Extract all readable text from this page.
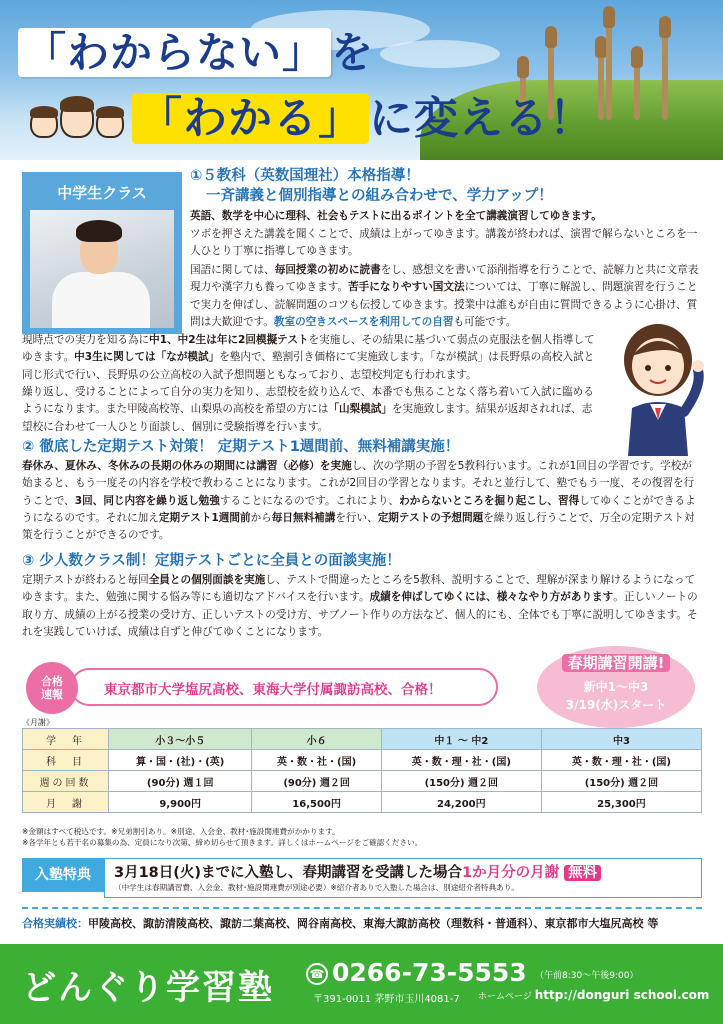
「わからない」 を
「わかる」 に変える！
中学生クラス
①５教科（英数国理社）本格指導！
一斉講義と個別指導との組み合わせで、学力アップ！
英語、数学を中心に理科、社会もテストに出るポイントを全て講義演習してゆきます。
ツボを押さえた講義を聞くことで、成績は上がってゆきます。講義が終われば、演習で解らないところを一人ひとり丁寧に指導してゆきます。
国語に関しては、毎回授業の初めに読書をし、感想文を書いて添削指導を行うことで、読解力と共に文章表現力や漢字力も養ってゆきます。苦手になりやすい国文法については、丁寧に解説し、問題演習を行うことで実力を伸ばし、読解問題のコツも伝授してゆきます。授業中は誰もが自由に質問できるように心掛け、質問は大歓迎です。教室の空きスペースを利用しての自習も可能です。
現時点での実力を知る為に中1、中2生は年に2回模擬テストを実施し、その結果に基づいて弱点の克服法を個人指導してゆきます。中3生に関しては「なが模試」を塾内で、塾割引き価格にて実施致します。「なが模試」は長野県の高校入試と同じ形式で行い、長野県の公立高校の入試予想問題ともなっており、志望校判定も行われます。
繰り返し、受けることによって自分の実力を知り、志望校を絞り込んで、本番でも焦ることなく落ち着いて入試に臨めるようになります。また甲陵高校等、山梨県の高校を希望の方には「山梨模試」を実施致します。結果が返却されれば、志望校に合わせて一人ひとり面談し、個別に受験指導を行います。
② 徹底した定期テスト対策！ 定期テスト1週間前、無料補講実施！
春休み、夏休み、冬休みの長期の休みの期間には講習（必修）を実施し、次の学期の予習を5教科行います。これが1回目の学習です。学校が始まると、もう一度その内容を学校で教わることになります。これが2回目の学習となります。それと並行して、塾でもう一度、その復習を行うことで、3回、同じ内容を繰り返し勉強することになるのです。これにより、わからないところを掘り起こし、習得してゆくことができるようになるのです。それに加え定期テスト1週間前から毎日無料補講を行い、定期テストの予想問題を繰り返し行うことで、万全の定期テスト対策を行うことができるのです。
③ 少人数クラス制！定期テストごとに全員との面談実施！
定期テストが終わると毎回全員との個別面談を実施し、テストで間違ったところを5教科、説明することで、理解が深まり解けるようになってゆきます。また、勉強に関する悩み等にも適切なアドバイスを行います。成績を伸ばしてゆくには、様々なやり方があります。正しいノートの取り方、成績の上がる授業の受け方、正しいテストの受け方、サブノート作りの方法など、個人的にも、全体でも丁寧に説明してゆきます。それを実践していけば、成績は自ずと伸びてゆくことになります。
合格
速報	東京都市大学塩尻高校、東海大学付属諏訪高校、合格！
春期講習開講!
新中1～中3
3/19(水)スタート
《月謝》
学　年	小３～小５	小６	中１ ～ 中2	中3
科　目	算・国・(社)・(英)	英・数・社・(国)	英・数・理・社・(国)	英・数・理・社・(国)
週の回数	(90分) 週１回	(90分) 週２回	(150分) 週２回	(150分) 週２回
月　謝	9,900円	16,500円	24,200円	25,300円
※金額はすべて税込です。※兄弟割引あり。※別途、入会金、教材･施設関連費がかかります。
※各学年とも若干名の募集の為、定員になり次第、締め切らせて頂きます。詳しくはホームページをご確認ください。
入塾特典	3月18日(火)までに入塾し、春期講習を受講した場合1か月分の月謝 無料
（中学生は春期講習費、入会金、教材･施設関連費が別途必要）※紹介者ありで入塾した場合は、別途紹介者特典あり。
合格実績校：甲陵高校、諏訪清陵高校、諏訪二葉高校、岡谷南高校、東海大諏訪高校（理数科・普通科）、東京都市大塩尻高校 等
どんぐり学習塾	☎ 0266-73-5553 （午前8:30～午後9:00）
〒391-0011 茅野市玉川4081-7 ホームページ http://donguri school.com
